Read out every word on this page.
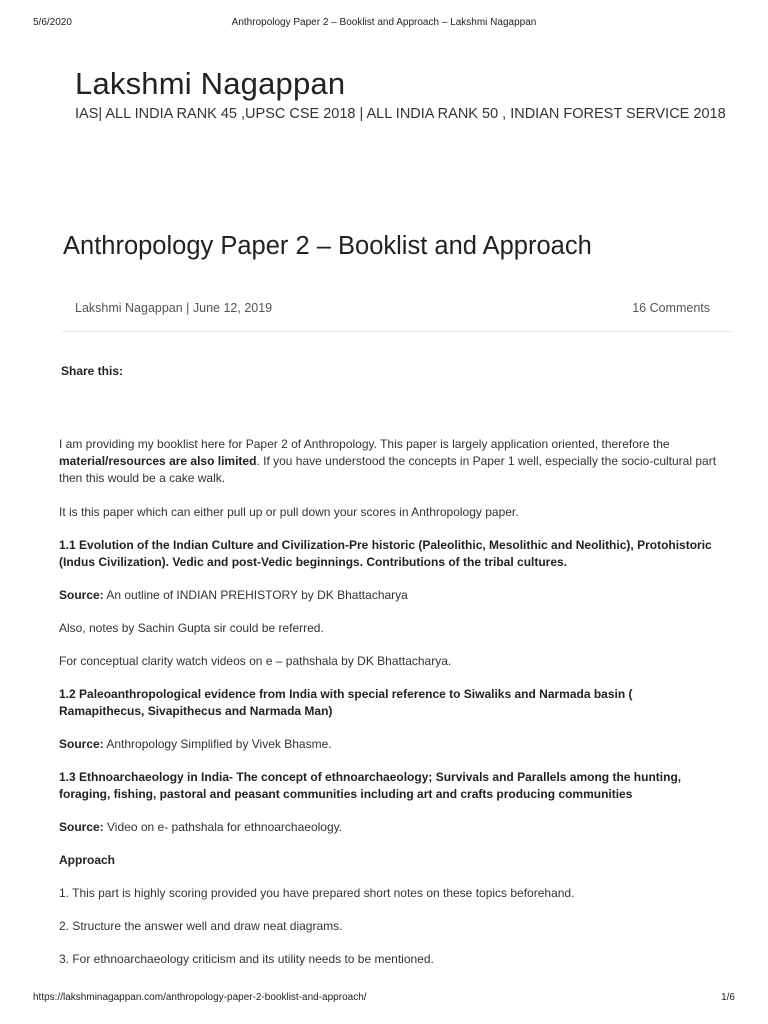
5/6/2020	Anthropology Paper 2 – Booklist and Approach – Lakshmi Nagappan
Lakshmi Nagappan

IAS| ALL INDIA RANK 45 ,UPSC CSE 2018 | ALL INDIA RANK 50 , INDIAN FOREST SERVICE 2018

Anthropology Paper 2 – Booklist and Approach
Lakshmi Nagappan | June 12, 2019	16 Comments
Share this:

I am providing my booklist here for Paper 2 of Anthropology. This paper is largely application oriented, therefore the material/resources are also limited. If you have understood the concepts in Paper 1 well, especially the socio-cultural part then this would be a cake walk.

It is this paper which can either pull up or pull down your scores in Anthropology paper.

1.1 Evolution of the Indian Culture and Civilization-Pre historic (Paleolithic, Mesolithic and Neolithic), Protohistoric (Indus Civilization). Vedic and post-Vedic beginnings. Contributions of the tribal cultures.

Source: An outline of INDIAN PREHISTORY by DK Bhattacharya

Also, notes by Sachin Gupta sir could be referred.

For conceptual clarity watch videos on e – pathshala by DK Bhattacharya.

1.2 Paleoanthropological evidence from India with special reference to Siwaliks and Narmada basin ( Ramapithecus, Sivapithecus and Narmada Man)

Source: Anthropology Simplified by Vivek Bhasme.

1.3 Ethnoarchaeology in India- The concept of ethnoarchaeology; Survivals and Parallels among the hunting, foraging, fishing, pastoral and peasant communities including art and crafts producing communities

Source: Video on e- pathshala for ethnoarchaeology.

Approach

1. This part is highly scoring provided you have prepared short notes on these topics beforehand.

2. Structure the answer well and draw neat diagrams.

3. For ethnoarchaeology criticism and its utility needs to be mentioned.

https://lakshminagappan.com/anthropology-paper-2-booklist-and-approach/	1/6
